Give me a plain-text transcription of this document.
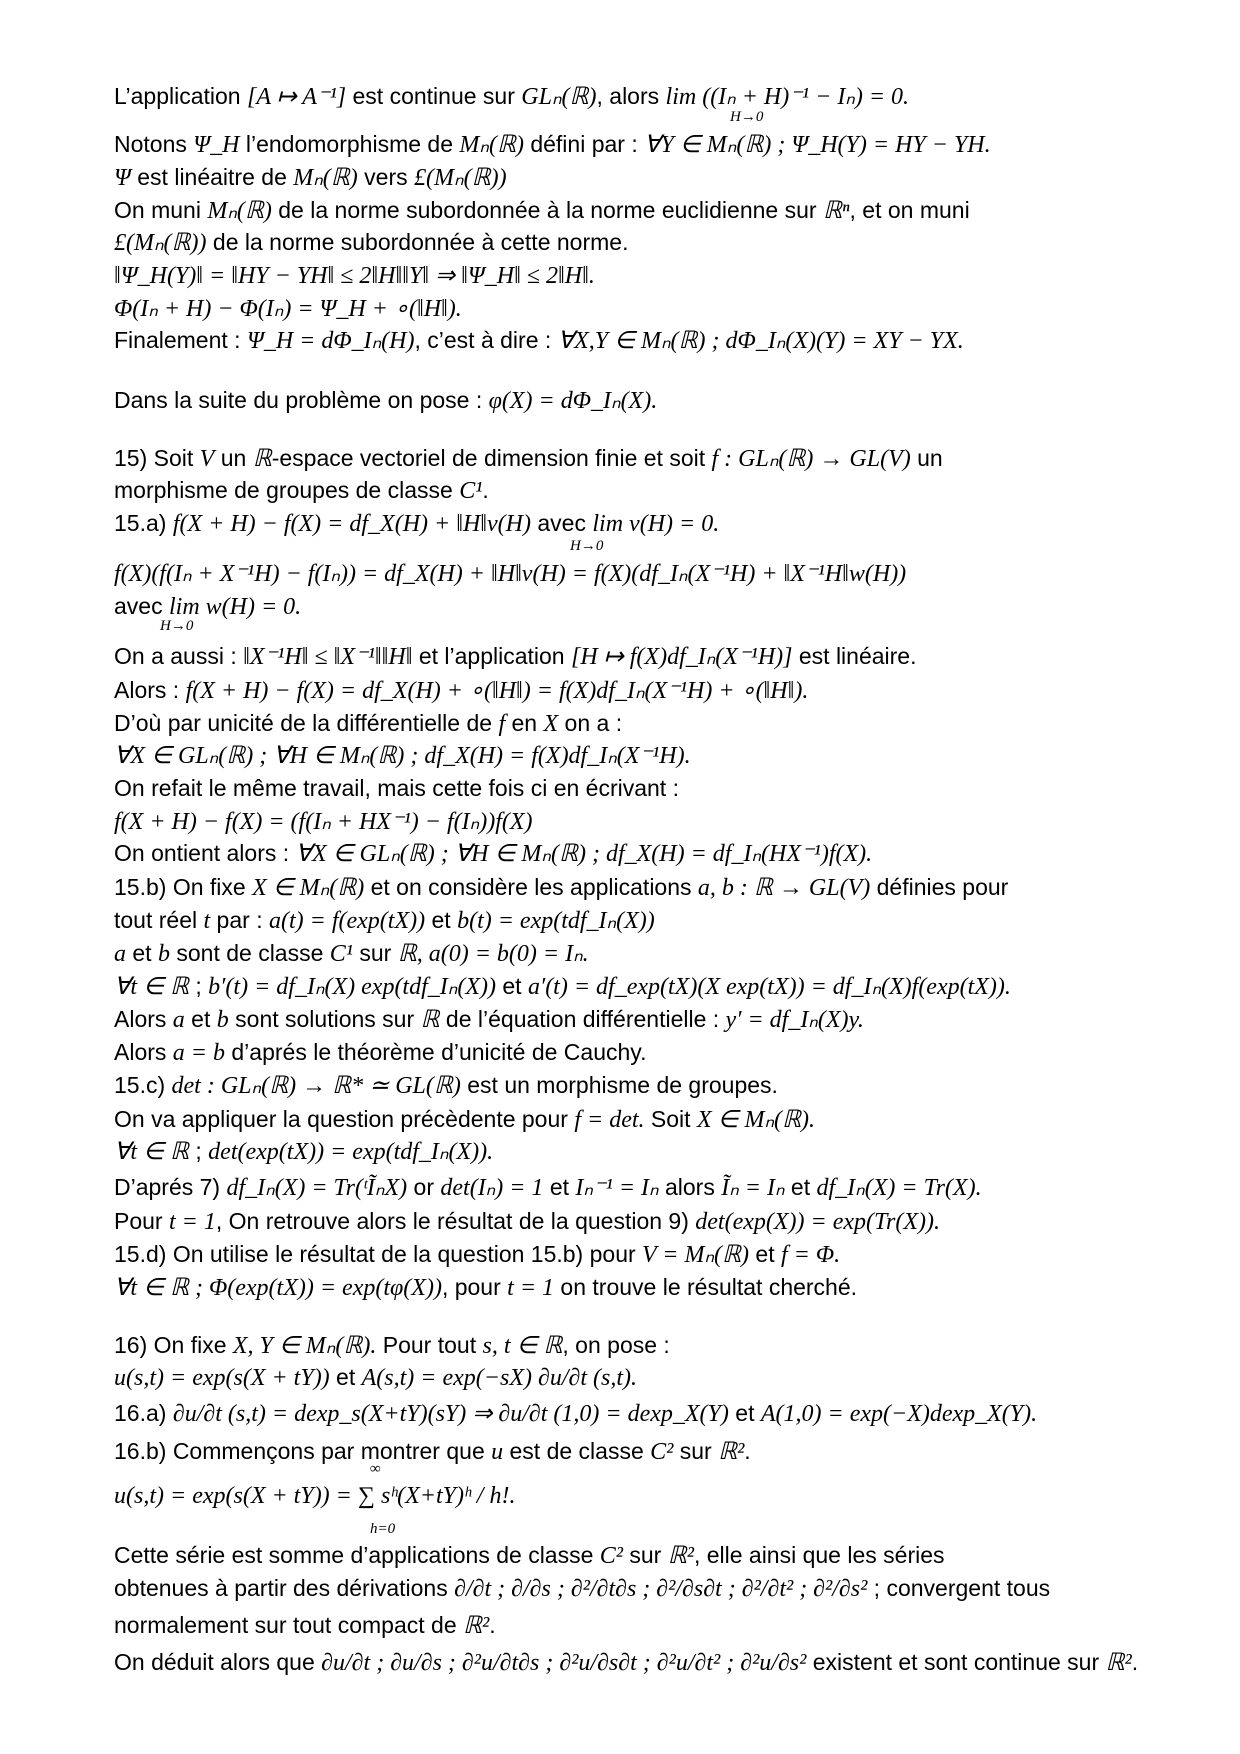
L’application [A ↦ A⁻¹] est continue sur GLₙ(ℝ), alors lim ((Iₙ + H)⁻¹ − Iₙ) = 0.
H→0
Notons Ψ_H l’endomorphisme de Mₙ(ℝ) défini par : ∀Y ∈ Mₙ(ℝ) ; Ψ_H(Y) = HY − YH.
Ψ est linéaitre de Mₙ(ℝ) vers £(Mₙ(ℝ))
On muni Mₙ(ℝ) de la norme subordonnée à la norme euclidienne sur ℝⁿ, et on muni
£(Mₙ(ℝ)) de la norme subordonnée à cette norme.
‖Ψ_H(Y)‖ = ‖HY − YH‖ ≤ 2‖H‖‖Y‖ ⇒ ‖Ψ_H‖ ≤ 2‖H‖.
Φ(Iₙ + H) − Φ(Iₙ) = Ψ_H + ∘(‖H‖).
Finalement : Ψ_H = dΦ_Iₙ(H), c’est à dire : ∀X,Y ∈ Mₙ(ℝ) ; dΦ_Iₙ(X)(Y) = XY − YX.
Dans la suite du problème on pose : φ(X) = dΦ_Iₙ(X).
15) Soit V un ℝ-espace vectoriel de dimension finie et soit f : GLₙ(ℝ) → GL(V) un
morphisme de groupes de classe C¹.
15.a) f(X + H) − f(X) = df_X(H) + ‖H‖v(H) avec lim v(H) = 0.
H→0
f(X)(f(Iₙ + X⁻¹H) − f(Iₙ)) = df_X(H) + ‖H‖v(H) = f(X)(df_Iₙ(X⁻¹H) + ‖X⁻¹H‖w(H))
avec lim w(H) = 0.
H→0
On a aussi : ‖X⁻¹H‖ ≤ ‖X⁻¹‖‖H‖ et l’application [H ↦ f(X)df_Iₙ(X⁻¹H)] est linéaire.
Alors : f(X + H) − f(X) = df_X(H) + ∘(‖H‖) = f(X)df_Iₙ(X⁻¹H) + ∘(‖H‖).
D’où par unicité de la différentielle de f en X on a :
∀X ∈ GLₙ(ℝ) ; ∀H ∈ Mₙ(ℝ) ; df_X(H) = f(X)df_Iₙ(X⁻¹H).
On refait le même travail, mais cette fois ci en écrivant :
f(X + H) − f(X) = (f(Iₙ + HX⁻¹) − f(Iₙ))f(X)
On ontient alors : ∀X ∈ GLₙ(ℝ) ; ∀H ∈ Mₙ(ℝ) ; df_X(H) = df_Iₙ(HX⁻¹)f(X).
15.b) On fixe X ∈ Mₙ(ℝ) et on considère les applications a, b : ℝ → GL(V) définies pour
tout réel t par : a(t) = f(exp(tX)) et b(t) = exp(tdf_Iₙ(X))
a et b sont de classe C¹ sur ℝ, a(0) = b(0) = Iₙ.
∀t ∈ ℝ ; b′(t) = df_Iₙ(X) exp(tdf_Iₙ(X)) et a′(t) = df_exp(tX)(X exp(tX)) = df_Iₙ(X)f(exp(tX)).
Alors a et b sont solutions sur ℝ de l’équation différentielle : y′ = df_Iₙ(X)y.
Alors a = b d’aprés le théorème d’unicité de Cauchy.
15.c) det : GLₙ(ℝ) → ℝ* ≃ GL(ℝ) est un morphisme de groupes.
On va appliquer la question précèdente pour f = det. Soit X ∈ Mₙ(ℝ).
∀t ∈ ℝ ; det(exp(tX)) = exp(tdf_Iₙ(X)).
D’aprés 7) df_Iₙ(X) = Tr(ᵗĨₙX) or det(Iₙ) = 1 et Iₙ⁻¹ = Iₙ alors Ĩₙ = Iₙ et df_Iₙ(X) = Tr(X).
Pour t = 1, On retrouve alors le résultat de la question 9) det(exp(X)) = exp(Tr(X)).
15.d) On utilise le résultat de la question 15.b) pour V = Mₙ(ℝ) et f = Φ.
∀t ∈ ℝ ; Φ(exp(tX)) = exp(tφ(X)), pour t = 1 on trouve le résultat cherché.
16) On fixe X, Y ∈ Mₙ(ℝ). Pour tout s, t ∈ ℝ, on pose :
u(s,t) = exp(s(X + tY)) et A(s,t) = exp(−sX) ∂u/∂t (s,t).
16.a) ∂u/∂t (s,t) = dexp_s(X+tY)(sY) ⇒ ∂u/∂t (1,0) = dexp_X(Y) et A(1,0) = exp(−X)dexp_X(Y).
16.b) Commençons par montrer que u est de classe C² sur ℝ².
∞
u(s,t) = exp(s(X + tY)) = ∑ sʰ(X+tY)ʰ / h!.
h=0
Cette série est somme d’applications de classe C² sur ℝ², elle ainsi que les séries
obtenues à partir des dérivations ∂/∂t ; ∂/∂s ; ∂²/∂t∂s ; ∂²/∂s∂t ; ∂²/∂t² ; ∂²/∂s² ; convergent tous
normalement sur tout compact de ℝ².
On déduit alors que ∂u/∂t ; ∂u/∂s ; ∂²u/∂t∂s ; ∂²u/∂s∂t ; ∂²u/∂t² ; ∂²u/∂s² existent et sont continue sur ℝ².
